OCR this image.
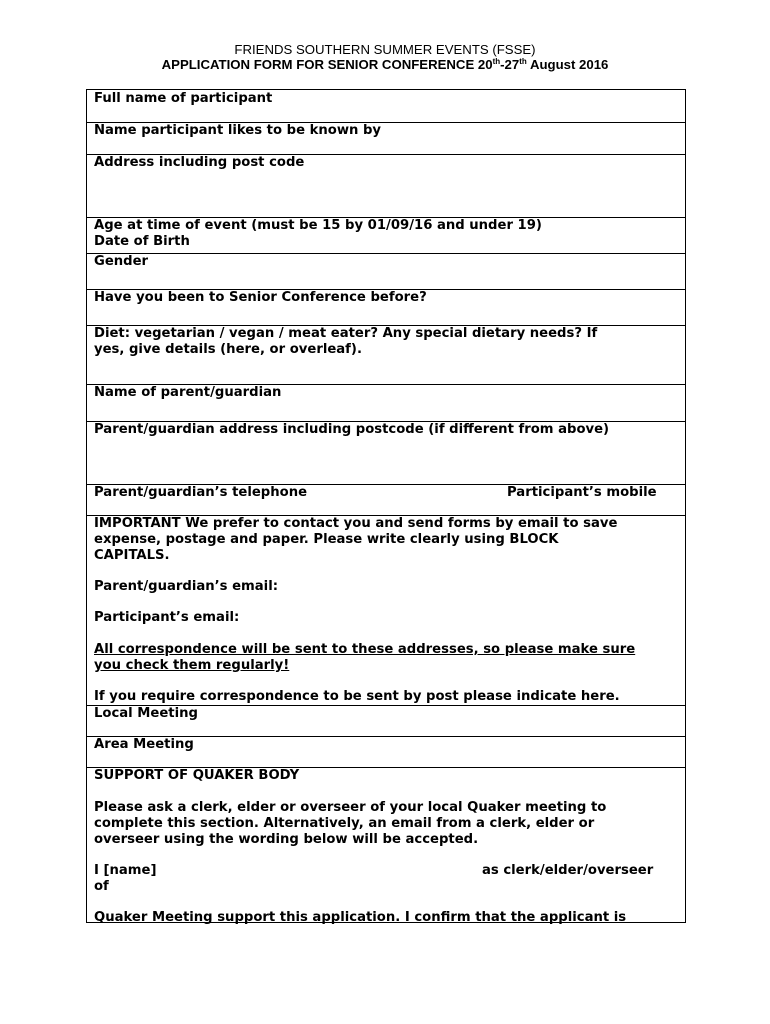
FRIENDS SOUTHERN SUMMER EVENTS (FSSE)
APPLICATION FORM FOR SENIOR CONFERENCE 20th-27th August 2016
Full name of participant
Name participant likes to be known by
Address including post code
Age at time of event (must be 15 by 01/09/16 and under 19)
Date of Birth
Gender
Have you been to Senior Conference before?
Diet: vegetarian / vegan / meat eater? Any special dietary needs? If
yes, give details (here, or overleaf).
Name of parent/guardian
Parent/guardian address including postcode (if different from above)
Parent/guardian’s telephone	Participant’s mobile
IMPORTANT We prefer to contact you and send forms by email to save
expense, postage and paper. Please write clearly using BLOCK
CAPITALS.
Parent/guardian’s email:
Participant’s email:
All correspondence will be sent to these addresses, so please make sure
you check them regularly!
If you require correspondence to be sent by post please indicate here.
Local Meeting
Area Meeting
SUPPORT OF QUAKER BODY
Please ask a clerk, elder or overseer of your local Quaker meeting to
complete this section. Alternatively, an email from a clerk, elder or
overseer using the wording below will be accepted.
I [name]	as clerk/elder/overseer
of
Quaker Meeting support this application. I confirm that the applicant is
